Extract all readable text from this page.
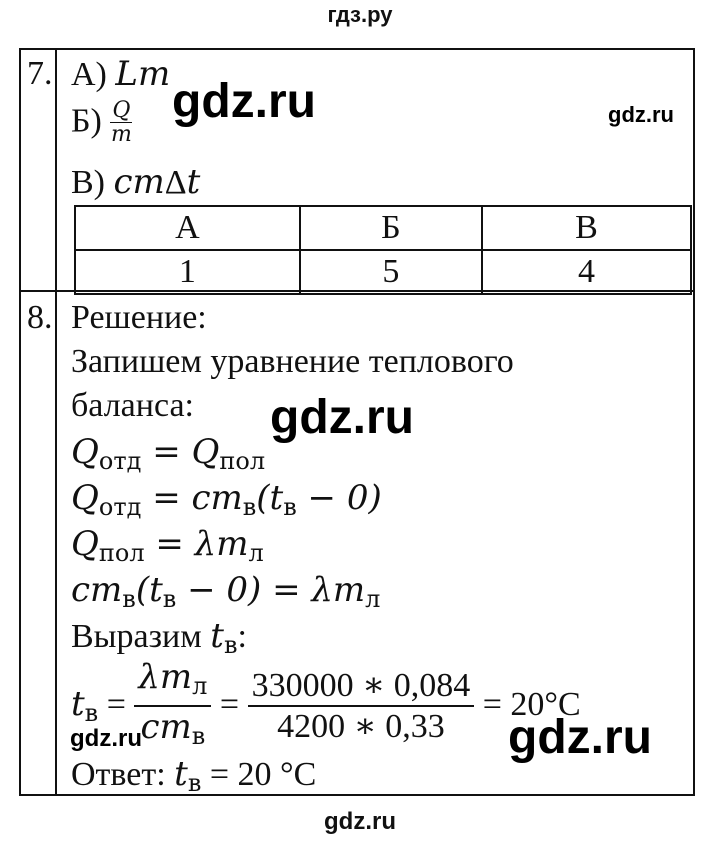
гдз.ру
7. А) Lm
$Б) \frac{Q}{m}$
В) cmΔt
А	Б	В
1	5	4
8. Решение:
Запишем уравнение теплового
баланса:
Qотд = Qпол
Qотд = cmв(tв − 0)
Qпол = λmл
cmв(tв − 0) = λmл
Выразим tв:
tв = $\frac{\text{λmл}}{\text{cmв}} = \frac{330000 ∗ 0,084}{4200 ∗ 0,33} = 20^\circ C$
Ответ: tв = 20 °C
gdz.ru	gdz.ru
gdz.ru
gdz.ru	gdz.ru
gdz.ru
